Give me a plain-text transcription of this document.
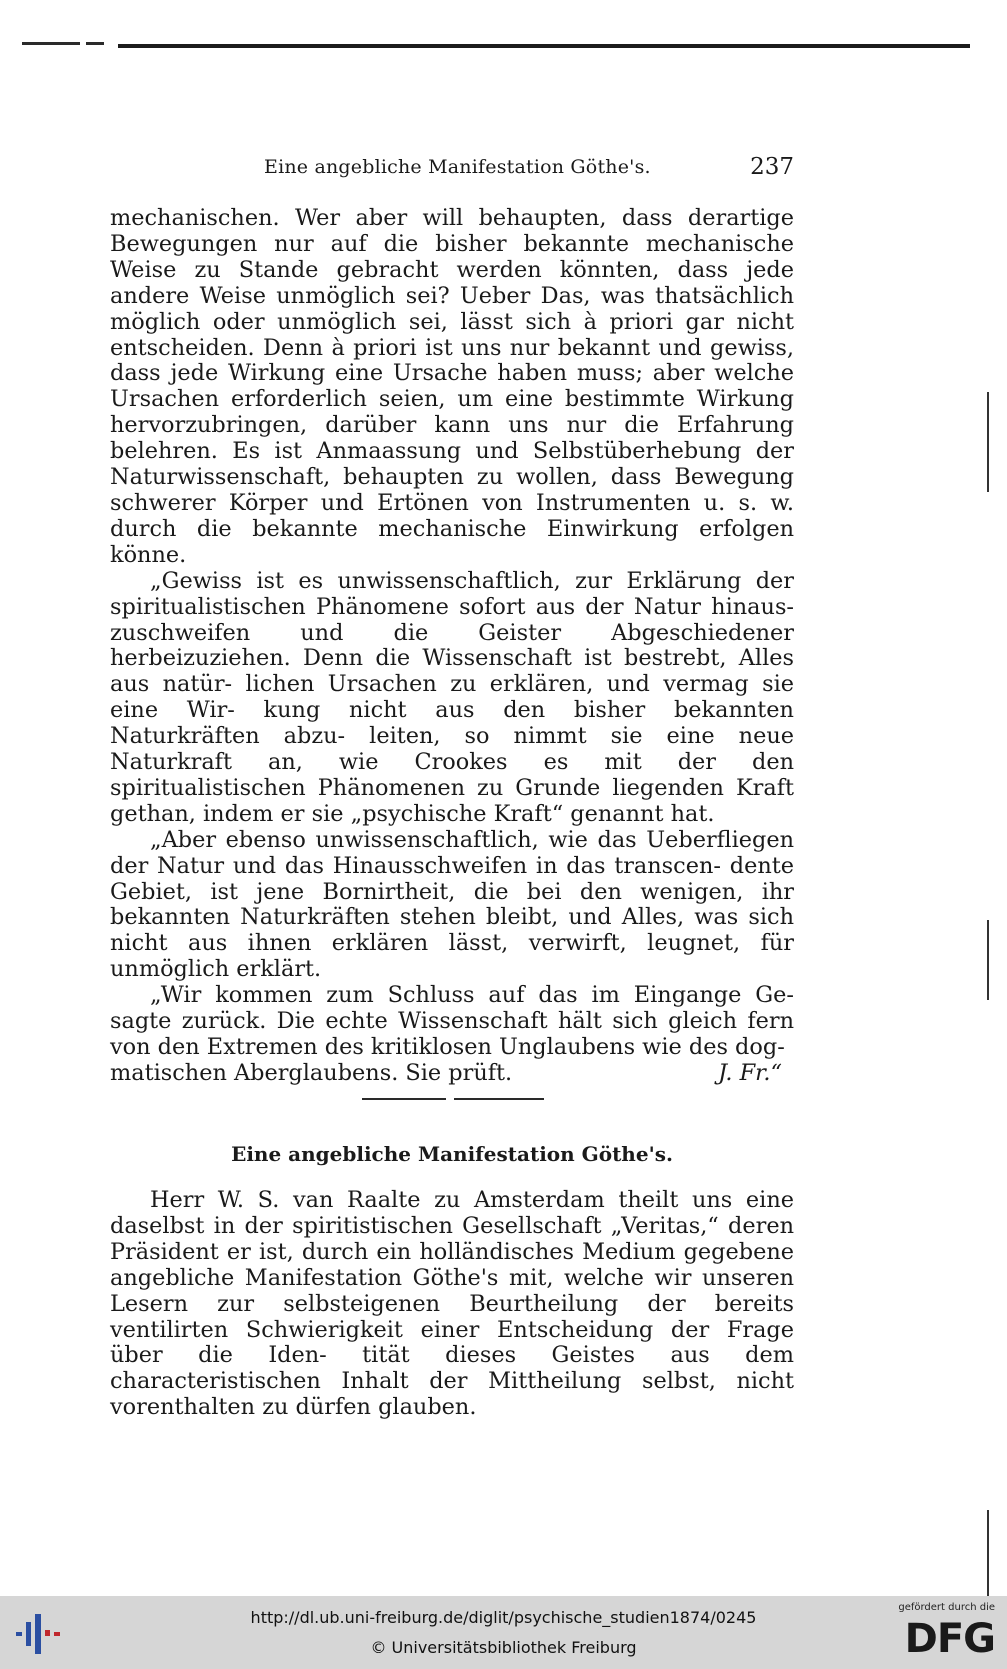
Eine angebliche Manifestation Göthe's.	237

mechanischen. Wer aber will behaupten, dass derartige Bewegungen nur auf die bisher bekannte mechanische Weise zu Stande gebracht werden könnten, dass jede andere Weise unmöglich sei? Ueber Das, was thatsächlich möglich oder unmöglich sei, lässt sich à priori gar nicht entscheiden. Denn à priori ist uns nur bekannt und gewiss, dass jede Wirkung eine Ursache haben muss; aber welche Ursachen erforderlich seien, um eine bestimmte Wirkung hervorzubringen, darüber kann uns nur die Erfahrung belehren. Es ist Anmaassung und Selbstüberhebung der Naturwissenschaft, behaupten zu wollen, dass Bewegung schwerer Körper und Ertönen von Instrumenten u. s. w. durch die bekannte mechanische Einwirkung erfolgen könne.

„Gewiss ist es unwissenschaftlich, zur Erklärung der spiritualistischen Phänomene sofort aus der Natur hinaus- zuschweifen und die Geister Abgeschiedener herbeizuziehen. Denn die Wissenschaft ist bestrebt, Alles aus natür- lichen Ursachen zu erklären, und vermag sie eine Wir- kung nicht aus den bisher bekannten Naturkräften abzu- leiten, so nimmt sie eine neue Naturkraft an, wie Crookes es mit der den spiritualistischen Phänomenen zu Grunde liegenden Kraft gethan, indem er sie „psychische Kraft“ genannt hat.

„Aber ebenso unwissenschaftlich, wie das Ueberfliegen der Natur und das Hinausschweifen in das transcen- dente Gebiet, ist jene Bornirtheit, die bei den wenigen, ihr bekannten Naturkräften stehen bleibt, und Alles, was sich nicht aus ihnen erklären lässt, verwirft, leugnet, für unmöglich erklärt.

„Wir kommen zum Schluss auf das im Eingange Ge- sagte zurück. Die echte Wissenschaft hält sich gleich fern von den Extremen des kritiklosen Unglaubens wie des dog-

matischen Aberglaubens. Sie prüft.	J. Fr.“
Eine angebliche Manifestation Göthe's.

Herr W. S. van Raalte zu Amsterdam theilt uns eine daselbst in der spiritistischen Gesellschaft „Veritas,“ deren Präsident er ist, durch ein holländisches Medium gegebene angebliche Manifestation Göthe's mit, welche wir unseren Lesern zur selbsteigenen Beurtheilung der bereits ventilirten Schwierigkeit einer Entscheidung der Frage über die Iden- tität dieses Geistes aus dem characteristischen Inhalt der Mittheilung selbst, nicht vorenthalten zu dürfen glauben.

http://dl.ub.uni-freiburg.de/diglit/psychische_studien1874/0245
© Universitätsbibliothek Freiburg
gefördert durch die
DFG
